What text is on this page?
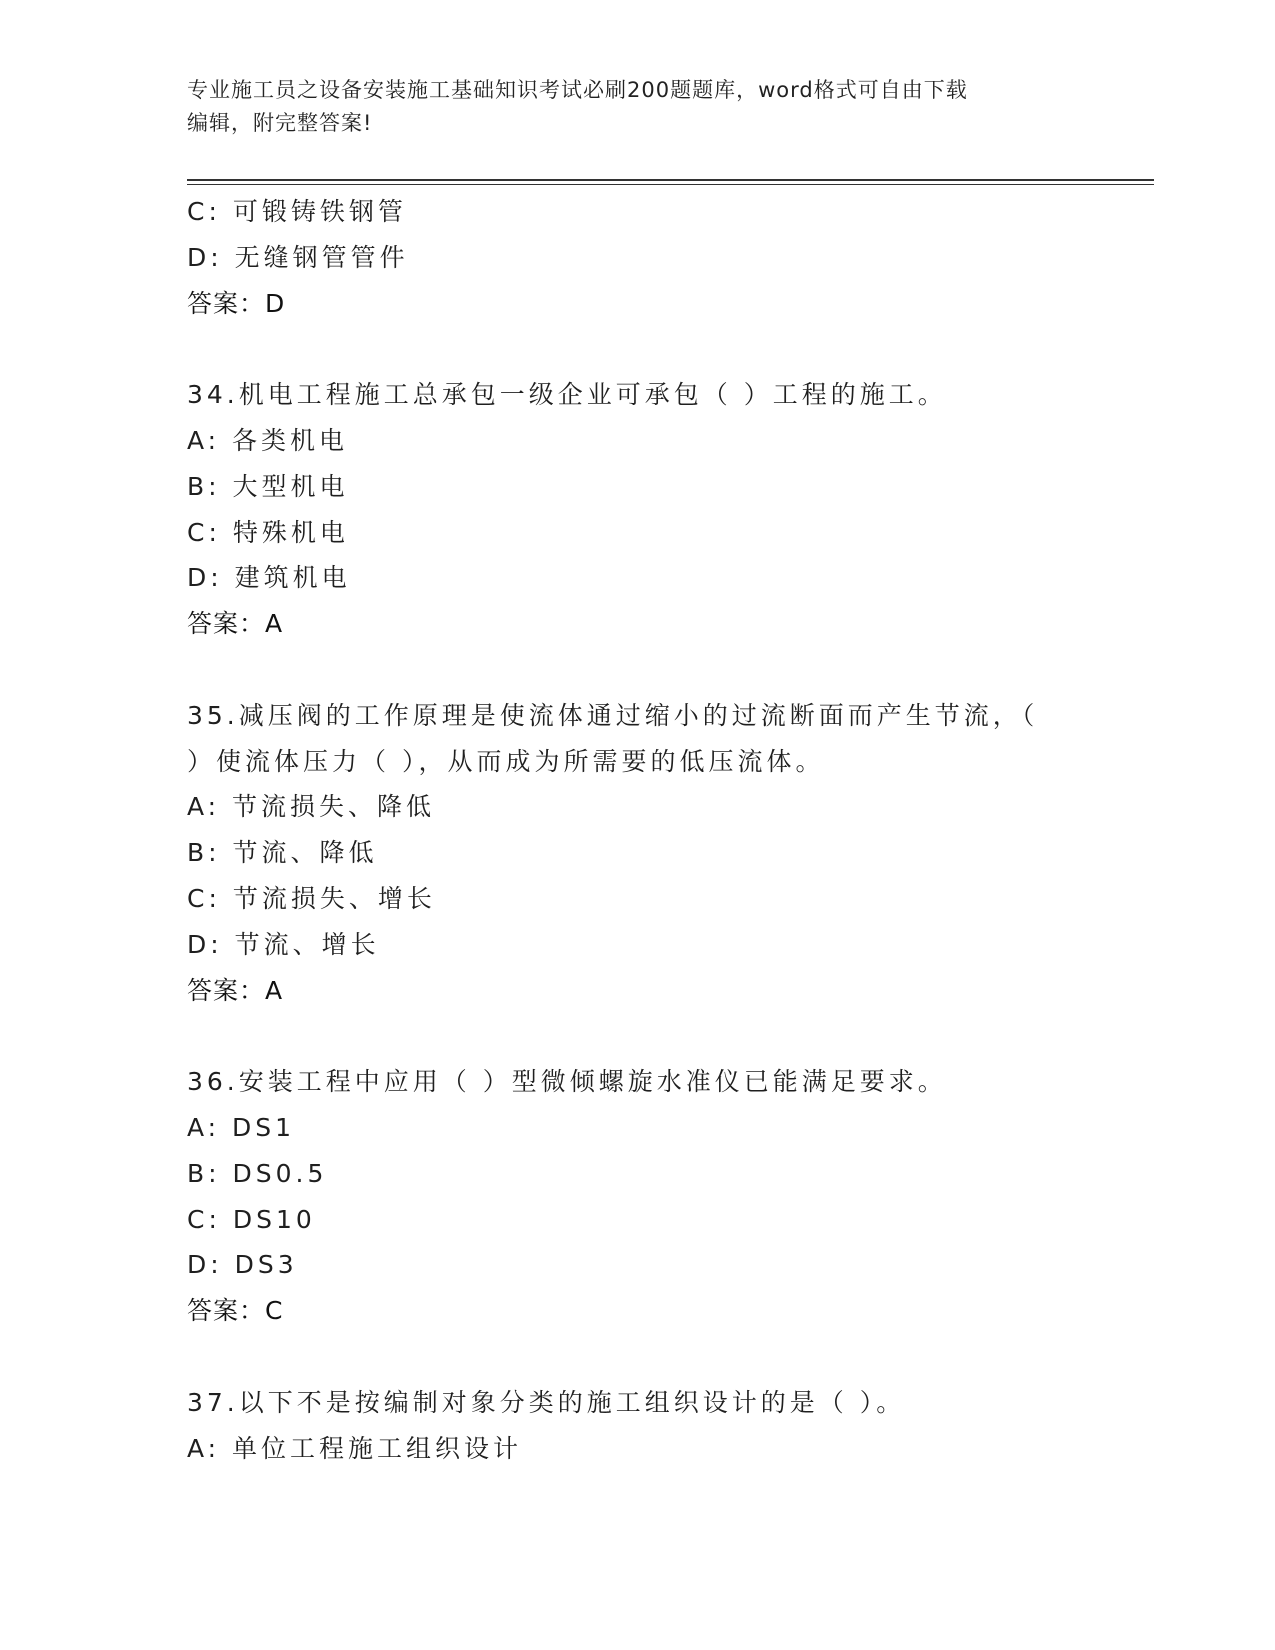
专业施工员之设备安装施工基础知识考试必刷200题题库，word格式可自由下载
编辑，附完整答案!
C: 可锻铸铁钢管
D: 无缝钢管管件
答案：D
34.机电工程施工总承包一级企业可承包（ ）工程的施工。
A: 各类机电
B: 大型机电
C: 特殊机电
D: 建筑机电
答案：A
35.减压阀的工作原理是使流体通过缩小的过流断面而产生节流，（
）使流体压力（ ），从而成为所需要的低压流体。
A: 节流损失、降低
B: 节流、降低
C: 节流损失、增长
D: 节流、增长
答案：A
36.安装工程中应用（ ）型微倾螺旋水准仪已能满足要求。
A: DS1
B: DS0.5
C: DS10
D: DS3
答案：C
37.以下不是按编制对象分类的施工组织设计的是（ ）。
A: 单位工程施工组织设计
